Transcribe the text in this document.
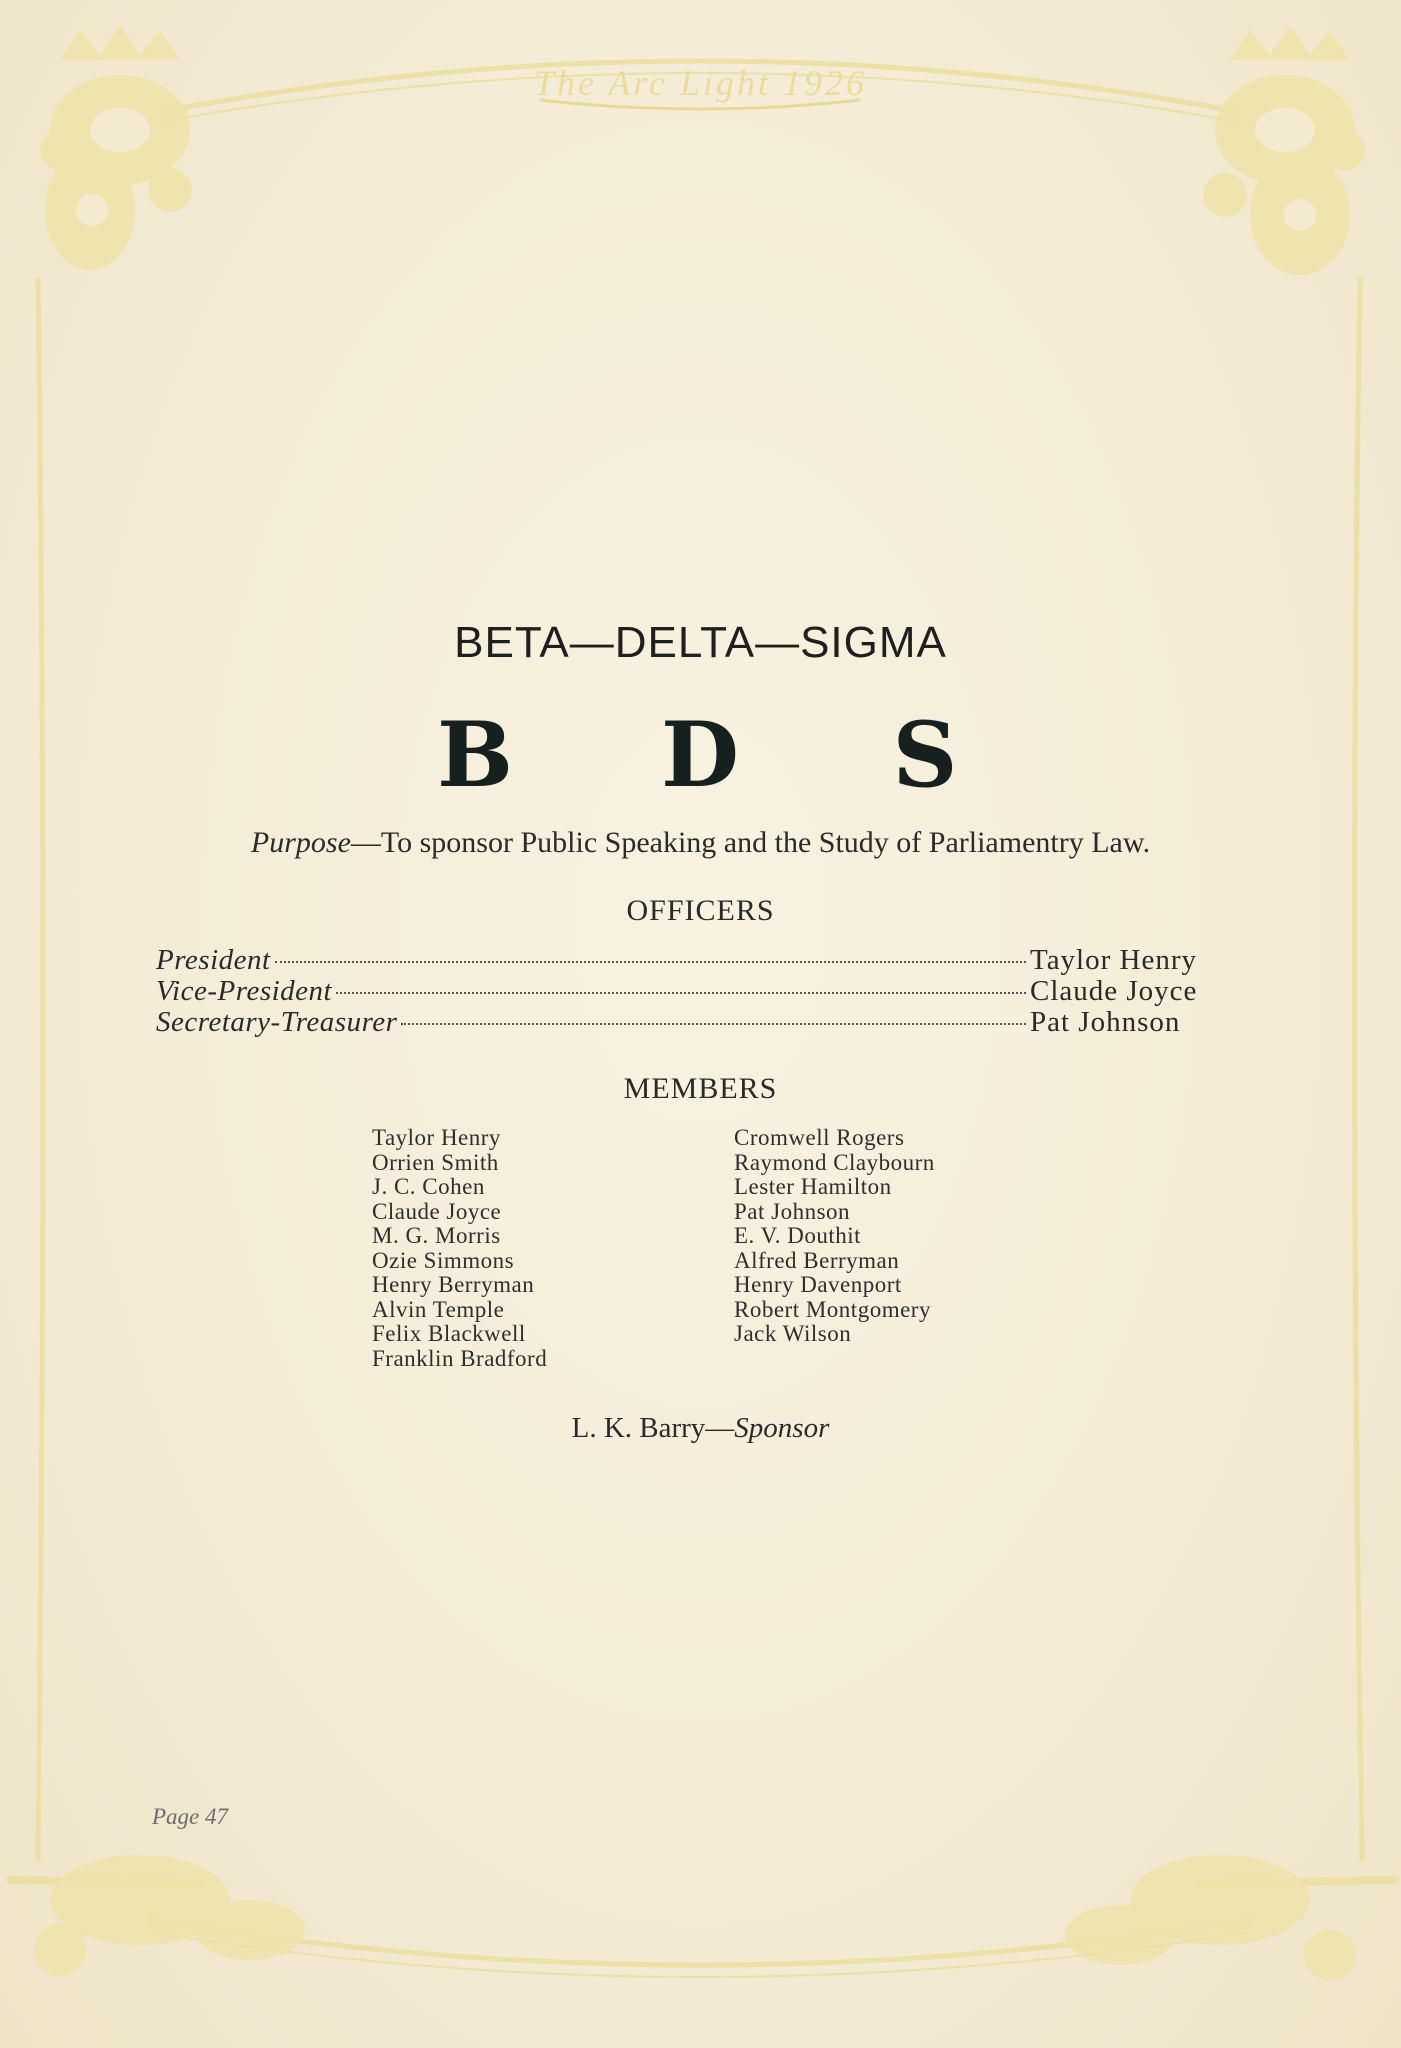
The Arc Light 1926
BETA—DELTA—SIGMA
B D S
Purpose—To sponsor Public Speaking and the Study of Parliamentry Law.
OFFICERS
President	Taylor Henry
Vice-President	Claude Joyce
Secretary-Treasurer	Pat Johnson
MEMBERS
Taylor Henry
Orrien Smith
J. C. Cohen
Claude Joyce
M. G. Morris
Ozie Simmons
Henry Berryman
Alvin Temple
Felix Blackwell
Franklin Bradford
Cromwell Rogers
Raymond Claybourn
Lester Hamilton
Pat Johnson
E. V. Douthit
Alfred Berryman
Henry Davenport
Robert Montgomery
Jack Wilson
L. K. Barry—Sponsor
Page 47
